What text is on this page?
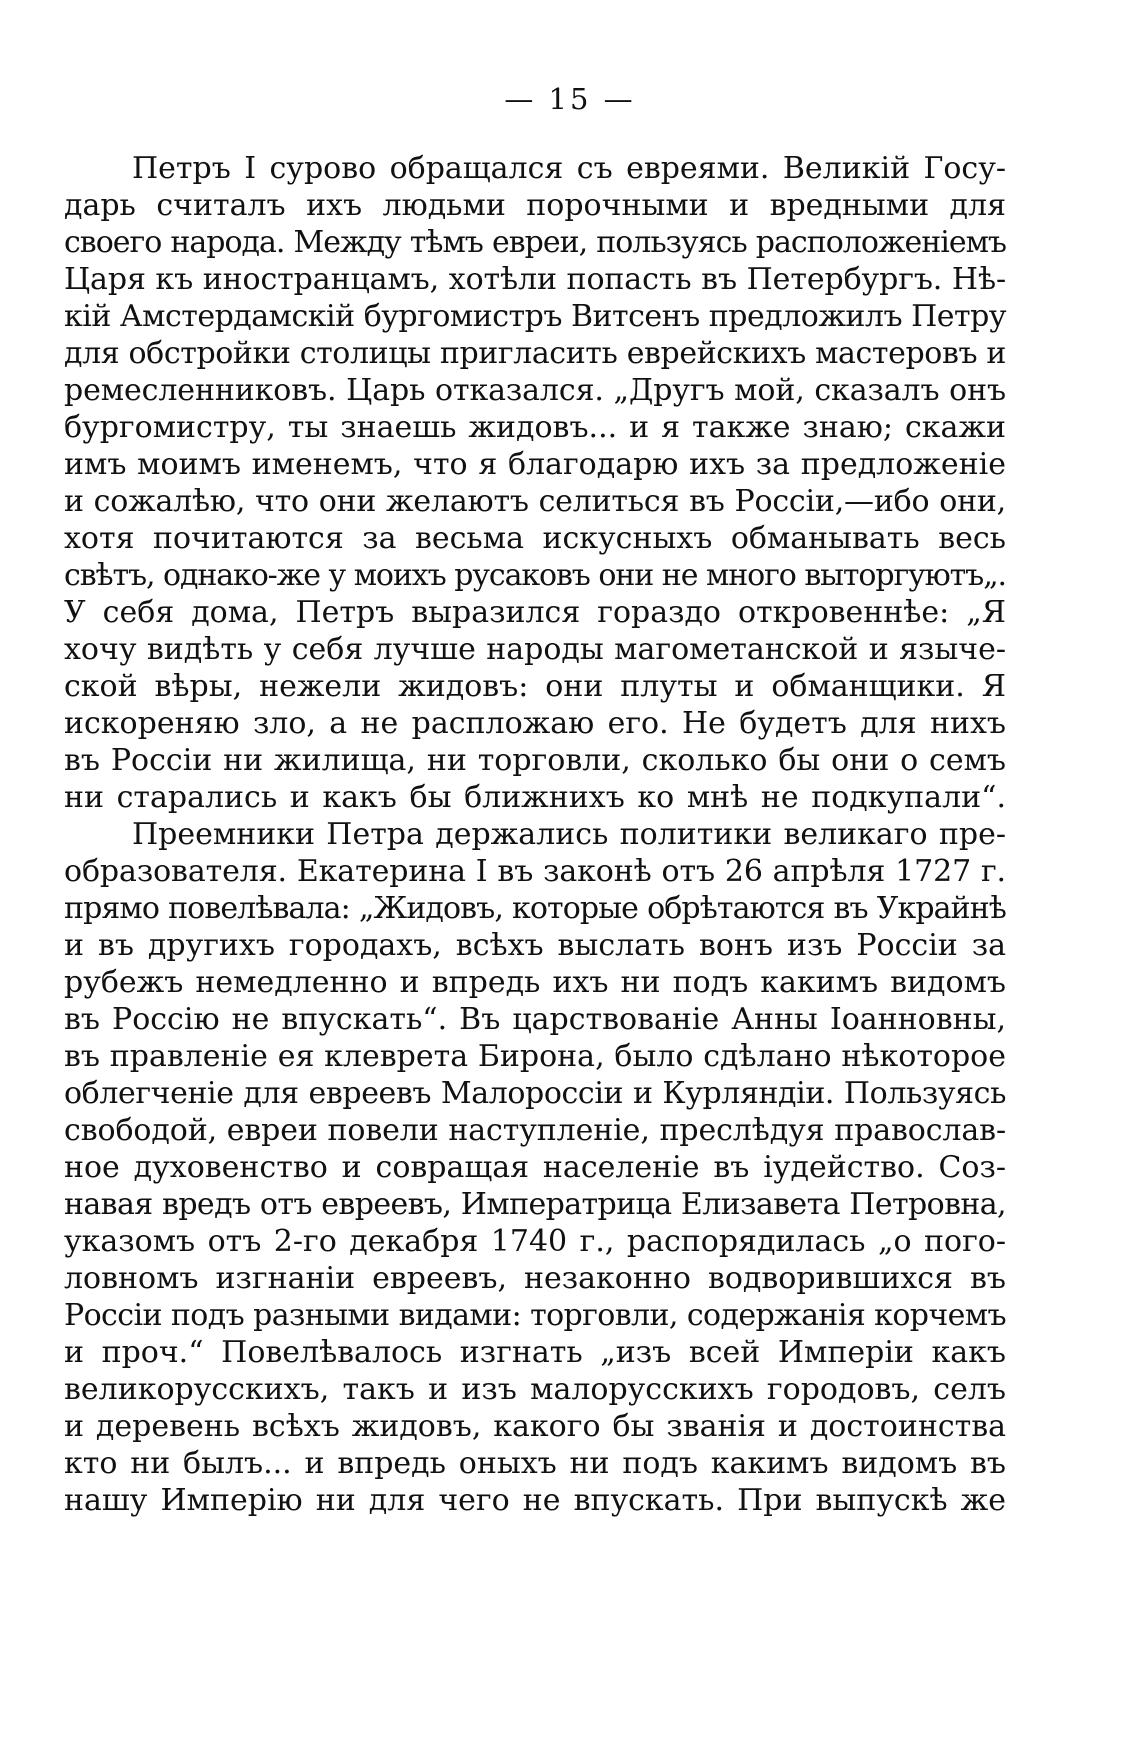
— 15 —
Петръ I сурово обращался съ евреями. Великій Госу-
дарь считалъ ихъ людьми порочными и вредными для
своего народа. Между тѣмъ евреи, пользуясь расположеніемъ
Царя къ иностранцамъ, хотѣли попасть въ Петербургъ. Нѣ-
кій Амстердамскій бургомистръ Витсенъ предложилъ Петру
для обстройки столицы пригласить еврейскихъ мастеровъ и
ремесленниковъ. Царь отказался. „Другъ мой, сказалъ онъ
бургомистру, ты знаешь жидовъ... и я также знаю; скажи
имъ моимъ именемъ, что я благодарю ихъ за предложеніе
и сожалѣю, что они желаютъ селиться въ Россіи,—ибо они,
хотя почитаются за весьма искусныхъ обманывать весь
свѣтъ, однако-же у моихъ русаковъ они не много выторгуютъ„.
У себя дома, Петръ выразился гораздо откровеннѣе: „Я
хочу видѣть у себя лучше народы магометанской и языче-
ской вѣры, нежели жидовъ: они плуты и обманщики. Я
искореняю зло, а не распложаю его. Не будетъ для нихъ
въ Россіи ни жилища, ни торговли, сколько бы они о семъ
ни старались и какъ бы ближнихъ ко мнѣ не подкупали“.
Преемники Петра держались политики великаго пре-
образователя. Екатерина I въ законѣ отъ 26 апрѣля 1727 г.
прямо повелѣвала: „Жидовъ, которые обрѣтаются въ Украйнѣ
и въ другихъ городахъ, всѣхъ выслать вонъ изъ Россіи за
рубежъ немедленно и впредь ихъ ни подъ какимъ видомъ
въ Россію не впускать“. Въ царствованіе Анны Іоанновны,
въ правленіе ея клеврета Бирона, было сдѣлано нѣкоторое
облегченіе для евреевъ Малороссіи и Курляндіи. Пользуясь
свободой, евреи повели наступленіе, преслѣдуя православ-
ное духовенство и совращая населеніе въ іудейство. Соз-
навая вредъ отъ евреевъ, Императрица Елизавета Петровна,
указомъ отъ 2-го декабря 1740 г., распорядилась „о пого-
ловномъ изгнаніи евреевъ, незаконно водворившихся въ
Россіи подъ разными видами: торговли, содержанія корчемъ
и проч.“ Повелѣвалось изгнать „изъ всей Имперіи какъ
великорусскихъ, такъ и изъ малорусскихъ городовъ, селъ
и деревень всѣхъ жидовъ, какого бы званія и достоинства
кто ни былъ... и впредь оныхъ ни подъ какимъ видомъ въ
нашу Имперію ни для чего не впускать. При выпускѣ же
